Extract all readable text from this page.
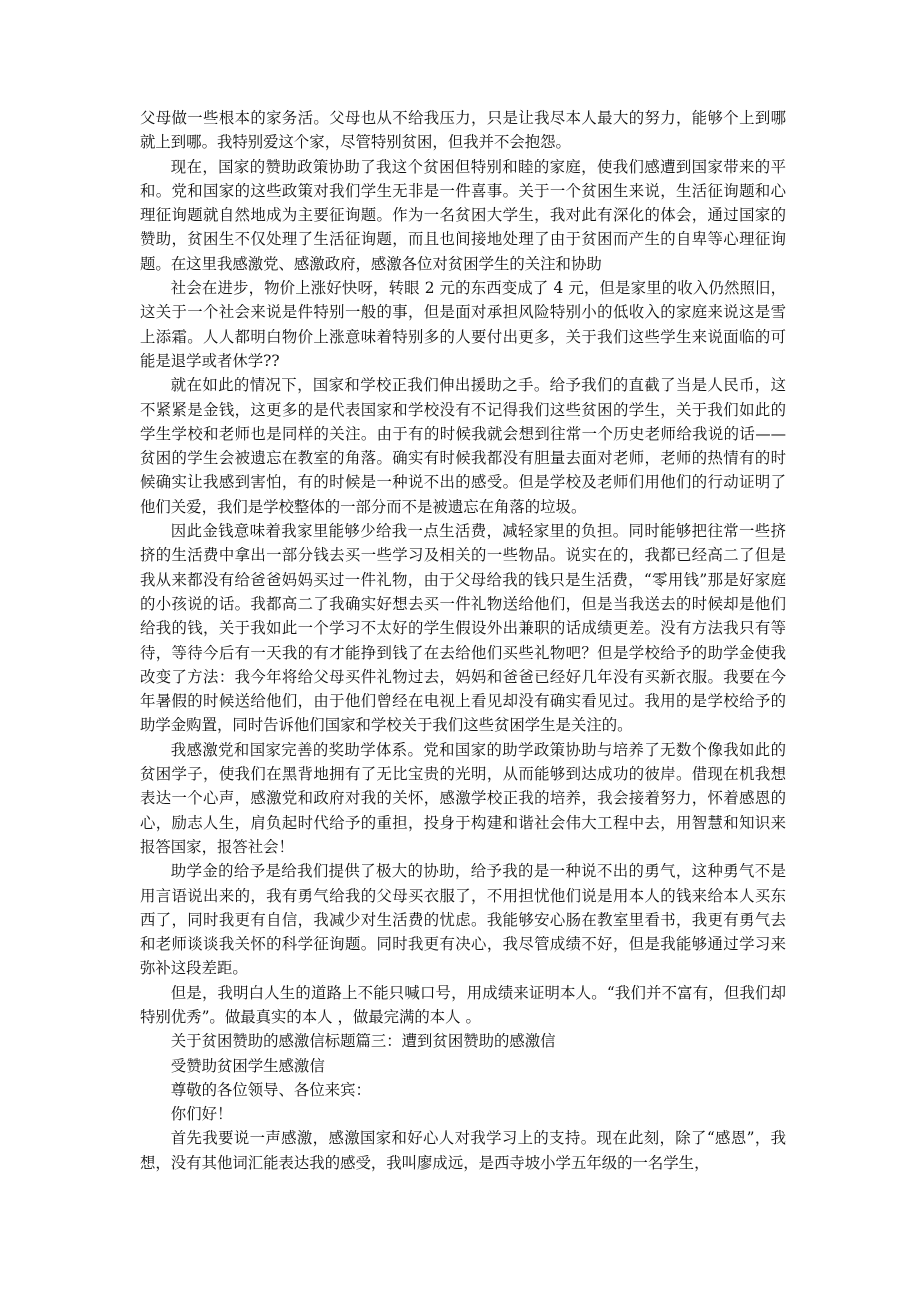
父母做一些根本的家务活。父母也从不给我压力，只是让我尽本人最大的努力，能够个上到哪就上到哪。我特别爱这个家，尽管特别贫困，但我并不会抱怨。

现在，国家的赞助政策协助了我这个贫困但特别和睦的家庭，使我们感遭到国家带来的平和。党和国家的这些政策对我们学生无非是一件喜事。关于一个贫困生来说，生活征询题和心理征询题就自然地成为主要征询题。作为一名贫困大学生，我对此有深化的体会，通过国家的赞助，贫困生不仅处理了生活征询题，而且也间接地处理了由于贫困而产生的自卑等心理征询题。在这里我感激党、感激政府，感激各位对贫困学生的关注和协助

社会在进步，物价上涨好快呀，转眼 2 元的东西变成了 4 元，但是家里的收入仍然照旧，这关于一个社会来说是件特别一般的事，但是面对承担风险特别小的低收入的家庭来说这是雪上添霜。人人都明白物价上涨意味着特别多的人要付出更多，关于我们这些学生来说面临的可能是退学或者休学??

就在如此的情况下，国家和学校正我们伸出援助之手。给予我们的直截了当是人民币，这不紧紧是金钱，这更多的是代表国家和学校没有不记得我们这些贫困的学生，关于我们如此的学生学校和老师也是同样的关注。由于有的时候我就会想到往常一个历史老师给我说的话——贫困的学生会被遗忘在教室的角落。确实有时候我都没有胆量去面对老师，老师的热情有的时候确实让我感到害怕，有的时候是一种说不出的感受。但是学校及老师们用他们的行动证明了他们关爱，我们是学校整体的一部分而不是被遗忘在角落的垃圾。

因此金钱意味着我家里能够少给我一点生活费，减轻家里的负担。同时能够把往常一些挤挤的生活费中拿出一部分钱去买一些学习及相关的一些物品。说实在的，我都已经高二了但是我从来都没有给爸爸妈妈买过一件礼物，由于父母给我的钱只是生活费，“零用钱”那是好家庭的小孩说的话。我都高二了我确实好想去买一件礼物送给他们，但是当我送去的时候却是他们给我的钱，关于我如此一个学习不太好的学生假设外出兼职的话成绩更差。没有方法我只有等待，等待今后有一天我的有才能挣到钱了在去给他们买些礼物吧？但是学校给予的助学金使我改变了方法：我今年将给父母买件礼物过去，妈妈和爸爸已经好几年没有买新衣服。我要在今年暑假的时候送给他们，由于他们曾经在电视上看见却没有确实看见过。我用的是学校给予的助学金购置，同时告诉他们国家和学校关于我们这些贫困学生是关注的。

我感激党和国家完善的奖助学体系。党和国家的助学政策协助与培养了无数个像我如此的贫困学子，使我们在黑背地拥有了无比宝贵的光明，从而能够到达成功的彼岸。借现在机我想表达一个心声，感激党和政府对我的关怀，感激学校正我的培养，我会接着努力，怀着感恩的心，励志人生，肩负起时代给予的重担，投身于构建和谐社会伟大工程中去，用智慧和知识来报答国家，报答社会！

助学金的给予是给我们提供了极大的协助，给予我的是一种说不出的勇气，这种勇气不是用言语说出来的，我有勇气给我的父母买衣服了，不用担忧他们说是用本人的钱来给本人买东西了，同时我更有自信，我减少对生活费的忧虑。我能够安心肠在教室里看书，我更有勇气去和老师谈谈我关怀的科学征询题。同时我更有决心，我尽管成绩不好，但是我能够通过学习来弥补这段差距。

但是，我明白人生的道路上不能只喊口号，用成绩来证明本人。“我们并不富有，但我们却特别优秀”。做最真实的本人 ，做最完满的本人 。

关于贫困赞助的感激信标题篇三：遭到贫困赞助的感激信

受赞助贫困学生感激信

尊敬的各位领导、各位来宾：

你们好！

首先我要说一声感激，感激国家和好心人对我学习上的支持。现在此刻，除了“感恩”，我想，没有其他词汇能表达我的感受，我叫廖成远，是西寺坡小学五年级的一名学生，
